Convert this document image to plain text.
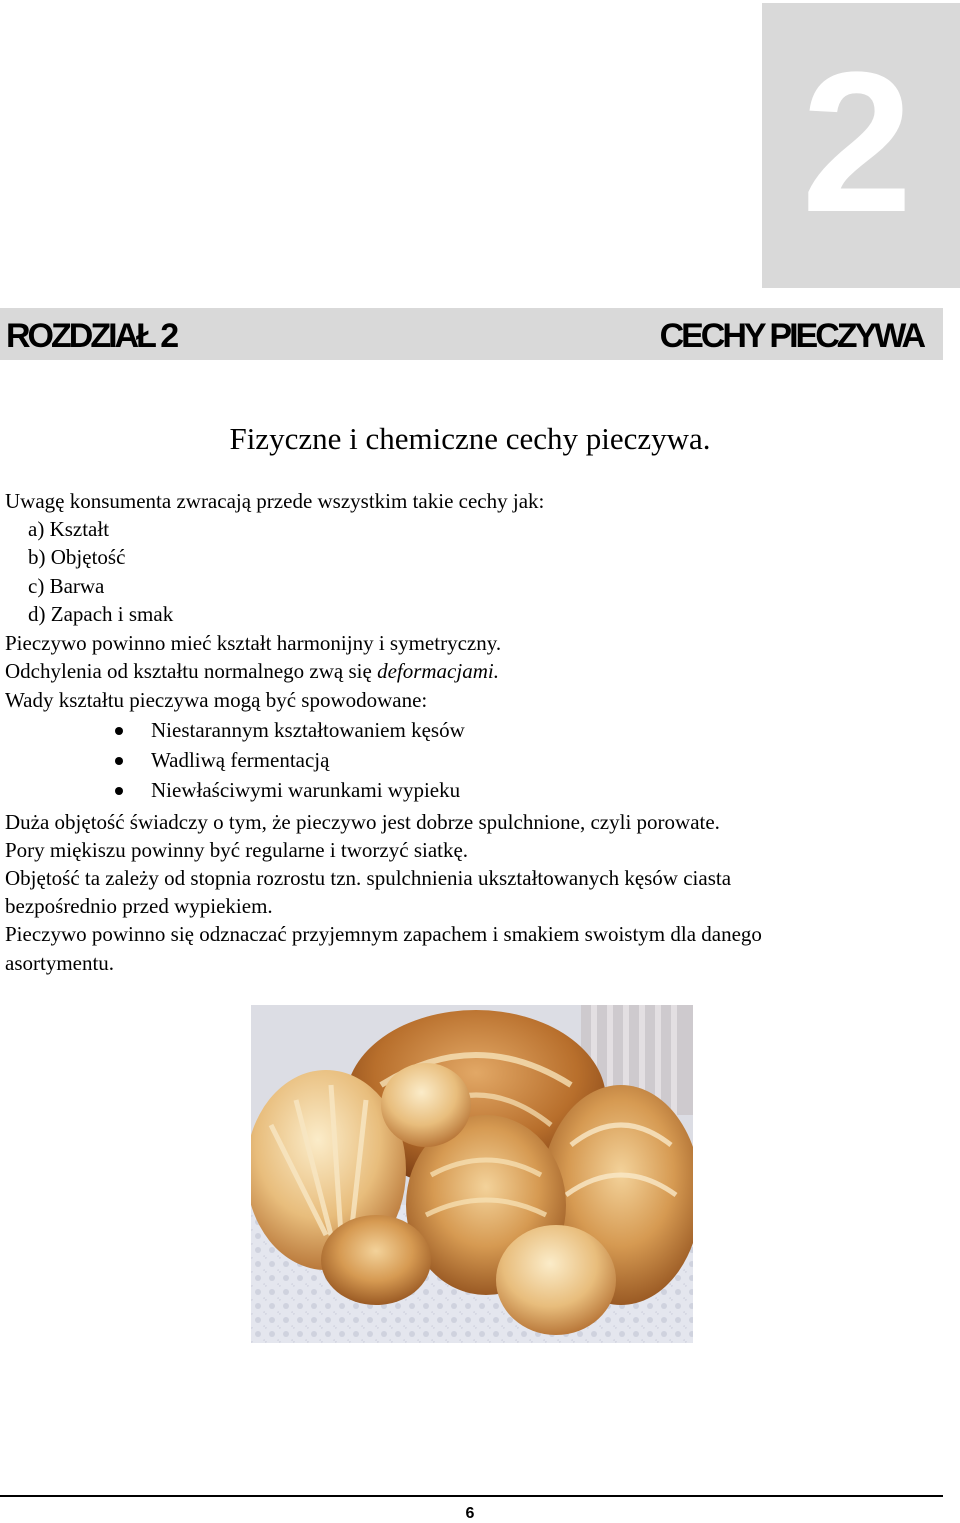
2
ROZDZIAŁ 2	CECHY PIECZYWA
Fizyczne i chemiczne cechy pieczywa.
Uwagę konsumenta zwracają przede wszystkim takie cechy jak:
a) Kształt
b) Objętość
c) Barwa
d) Zapach i smak
Pieczywo powinno mieć kształt harmonijny i symetryczny.
Odchylenia od kształtu normalnego zwą się deformacjami.
Wady kształtu pieczywa mogą być spowodowane:
Niestarannym kształtowaniem kęsów
Wadliwą fermentacją
Niewłaściwymi warunkami wypieku
Duża objętość świadczy o tym, że pieczywo jest dobrze spulchnione, czyli porowate.
Pory miękiszu powinny być regularne i tworzyć siatkę.
Objętość ta zależy od stopnia rozrostu tzn. spulchnienia ukształtowanych kęsów ciasta
bezpośrednio przed wypiekiem.
Pieczywo powinno się odznaczać przyjemnym zapachem i smakiem swoistym dla danego
asortymentu.
6
